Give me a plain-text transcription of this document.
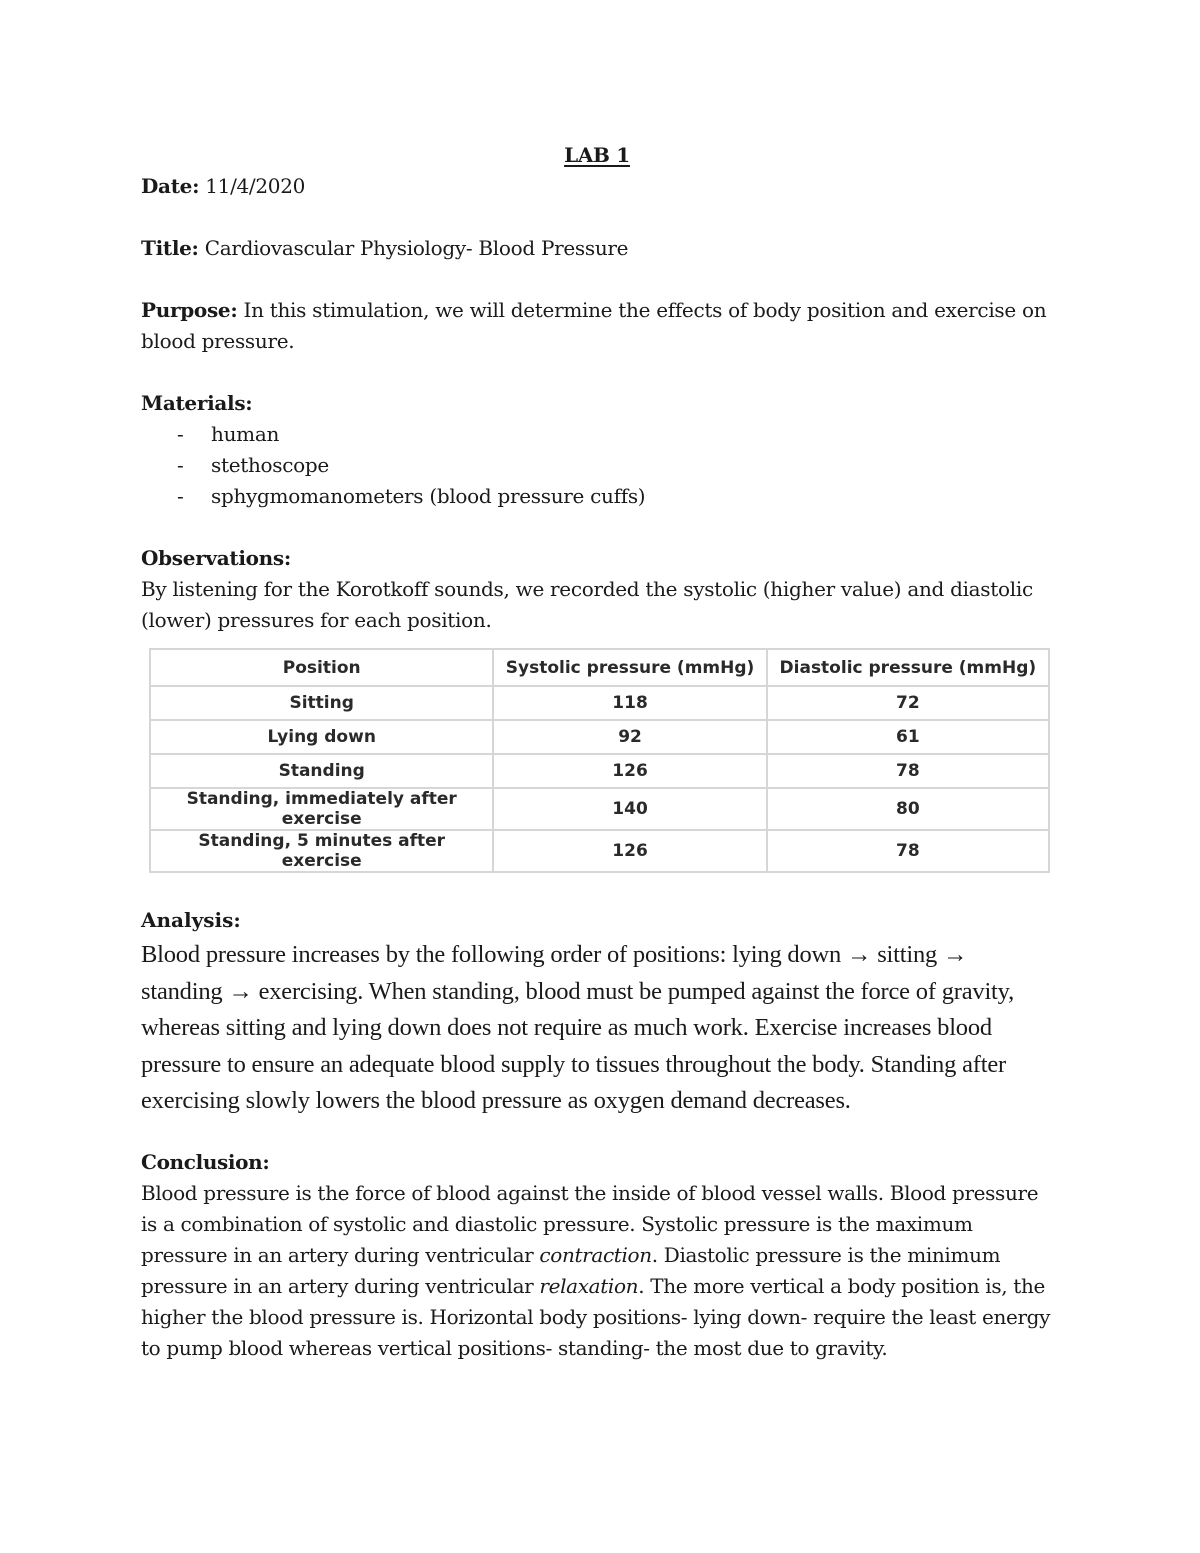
LAB 1

Date: 11/4/2020

Title: Cardiovascular Physiology- Blood Pressure

Purpose: In this stimulation, we will determine the effects of body position and exercise on blood pressure.

Materials:

- human
- stethoscope
- sphygmomanometers (blood pressure cuffs)

Observations:

By listening for the Korotkoff sounds, we recorded the systolic (higher value) and diastolic (lower) pressures for each position.

Position	Systolic pressure (mmHg)	Diastolic pressure (mmHg)
Sitting	118	72
Lying down	92	61
Standing	126	78
Standing, immediately after exercise	140	80
Standing, 5 minutes after exercise	126	78

Analysis:

Blood pressure increases by the following order of positions: lying down → sitting → standing → exercising. When standing, blood must be pumped against the force of gravity, whereas sitting and lying down does not require as much work. Exercise increases blood pressure to ensure an adequate blood supply to tissues throughout the body. Standing after exercising slowly lowers the blood pressure as oxygen demand decreases.

Conclusion:

Blood pressure is the force of blood against the inside of blood vessel walls. Blood pressure is a combination of systolic and diastolic pressure. Systolic pressure is the maximum pressure in an artery during ventricular contraction. Diastolic pressure is the minimum pressure in an artery during ventricular relaxation. The more vertical a body position is, the higher the blood pressure is. Horizontal body positions- lying down- require the least energy to pump blood whereas vertical positions- standing- the most due to gravity.
